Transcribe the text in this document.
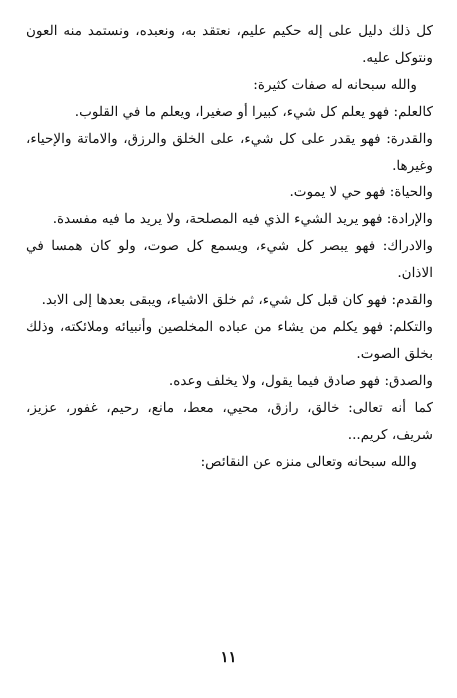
كل ذلك دليل على إله حكيم عليم، نعتقد به، ونعبده، ونستمد منه العون ونتوكل عليه.

والله سبحانه له صفات كثيرة:

كالعلم: فهو يعلم كل شيء، كبيرا أو صغيرا، ويعلم ما في القلوب.

والقدرة: فهو يقدر على كل شيء، على الخلق والرزق، والاماتة والإحياء، وغيرها.

والحياة: فهو حي لا يموت.

والإرادة: فهو يريد الشيء الذي فيه المصلحة، ولا يريد ما فيه مفسدة.

والادراك: فهو يبصر كل شيء، ويسمع كل صوت، ولو كان همسا في الاذان.

والقدم: فهو كان قبل كل شيء، ثم خلق الاشياء، ويبقى بعدها إلى الابد.

والتكلم: فهو يكلم من يشاء من عباده المخلصين وأنبيائه وملائكته، وذلك بخلق الصوت.

والصدق: فهو صادق فيما يقول، ولا يخلف وعده.

كما أنه تعالى: خالق، رازق، محيي، معط، مانع، رحيم، غفور، عزيز، شريف، كريم...

والله سبحانه وتعالى منزه عن النقائص:

١١
